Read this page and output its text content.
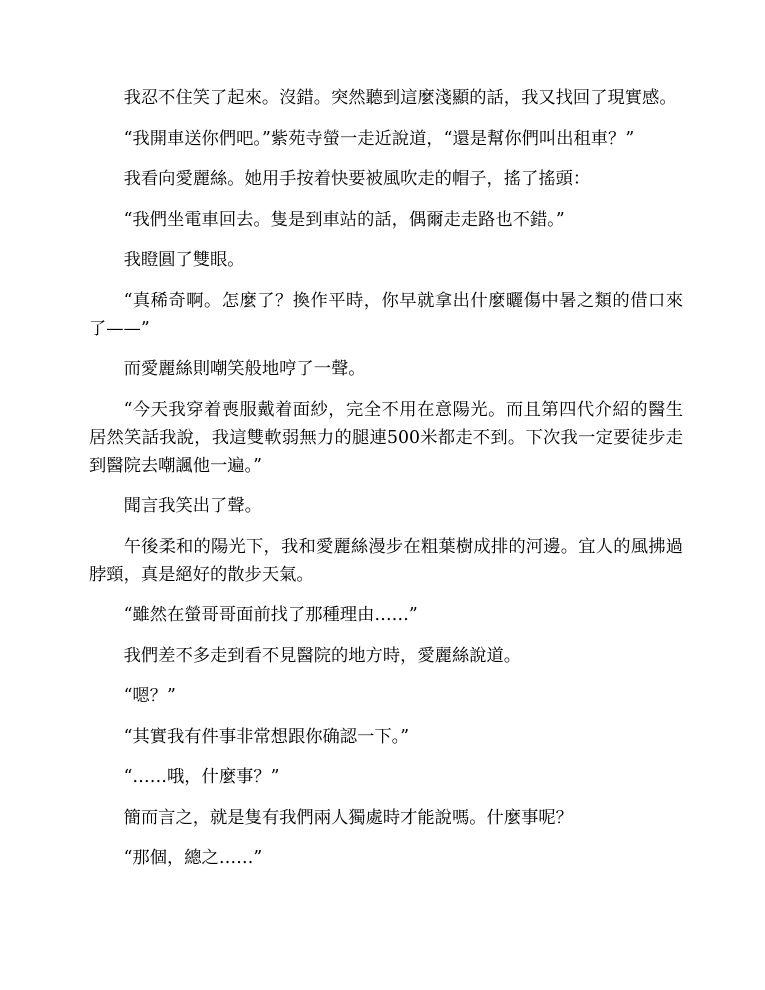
我忍不住笑了起來。沒錯。突然聽到這麼淺顯的話，我又找回了現實感。

“我開車送你們吧。”紫苑寺螢一走近說道，“還是幫你們叫出租車？”

我看向愛麗絲。她用手按着快要被風吹走的帽子，搖了搖頭：

“我們坐電車回去。隻是到車站的話，偶爾走走路也不錯。”

我瞪圓了雙眼。

“真稀奇啊。怎麼了？換作平時，你早就拿出什麼曬傷中暑之類的借口來了——”

而愛麗絲則嘲笑般地哼了一聲。

“今天我穿着喪服戴着面紗，完全不用在意陽光。而且第四代介紹的醫生居然笑話我說，我這雙軟弱無力的腿連500米都走不到。下次我一定要徒步走到醫院去嘲諷他一遍。”

聞言我笑出了聲。

午後柔和的陽光下，我和愛麗絲漫步在粗葉樹成排的河邊。宜人的風拂過脖頸，真是絕好的散步天氣。

“雖然在螢哥哥面前找了那種理由……”

我們差不多走到看不見醫院的地方時，愛麗絲說道。

“嗯？”

“其實我有件事非常想跟你确認一下。”

“……哦，什麼事？”

簡而言之，就是隻有我們兩人獨處時才能說嗎。什麼事呢？

“那個，總之……”
